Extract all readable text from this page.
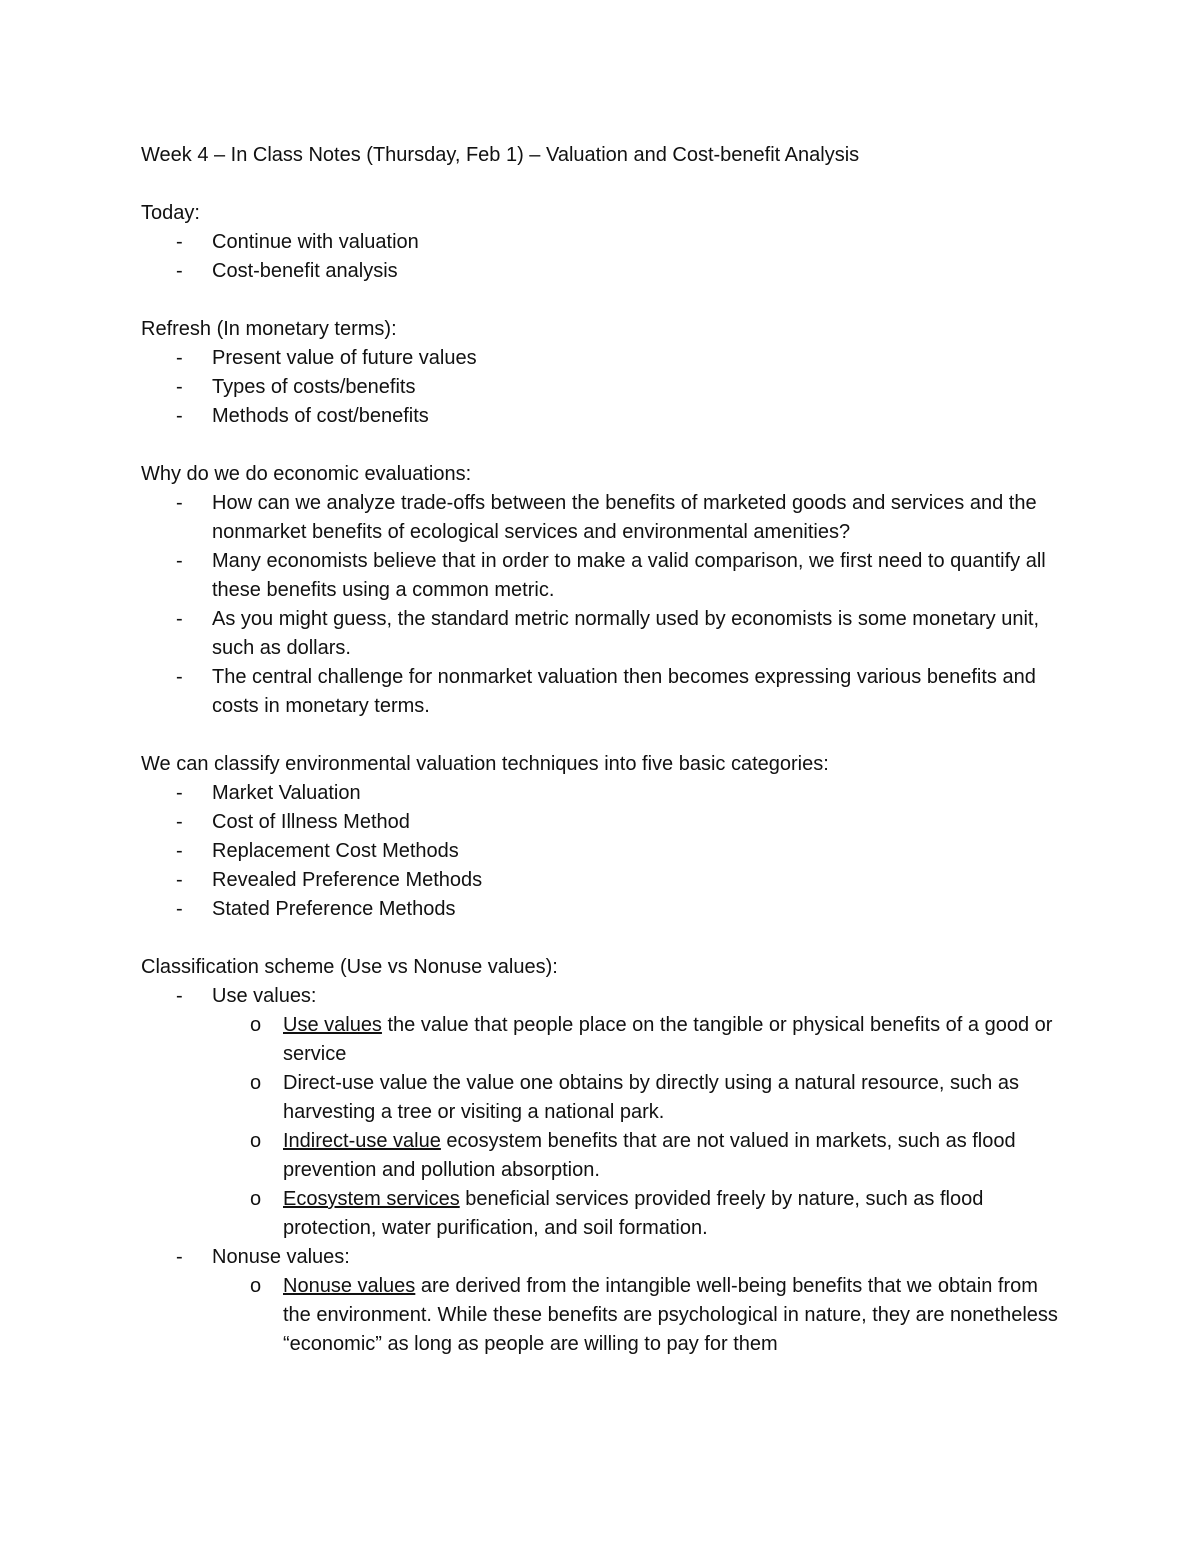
Week 4 – In Class Notes (Thursday, Feb 1) – Valuation and Cost-benefit Analysis

Today:

- Continue with valuation
- Cost-benefit analysis

Refresh (In monetary terms):

- Present value of future values
- Types of costs/benefits
- Methods of cost/benefits

Why do we do economic evaluations:

- How can we analyze trade-offs between the benefits of marketed goods and services and the nonmarket benefits of ecological services and environmental amenities?
- Many economists believe that in order to make a valid comparison, we first need to quantify all these benefits using a common metric.
- As you might guess, the standard metric normally used by economists is some monetary unit, such as dollars.
- The central challenge for nonmarket valuation then becomes expressing various benefits and costs in monetary terms.

We can classify environmental valuation techniques into five basic categories:

- Market Valuation
- Cost of Illness Method
- Replacement Cost Methods
- Revealed Preference Methods
- Stated Preference Methods

Classification scheme (Use vs Nonuse values):

- Use values:
o Use values the value that people place on the tangible or physical benefits of a good or service
o Direct-use value the value one obtains by directly using a natural resource, such as harvesting a tree or visiting a national park.
o Indirect-use value ecosystem benefits that are not valued in markets, such as flood prevention and pollution absorption.
o Ecosystem services beneficial services provided freely by nature, such as flood protection, water purification, and soil formation.
- Nonuse values:
o Nonuse values are derived from the intangible well-being benefits that we obtain from the environment. While these benefits are psychological in nature, they are nonetheless “economic” as long as people are willing to pay for them
